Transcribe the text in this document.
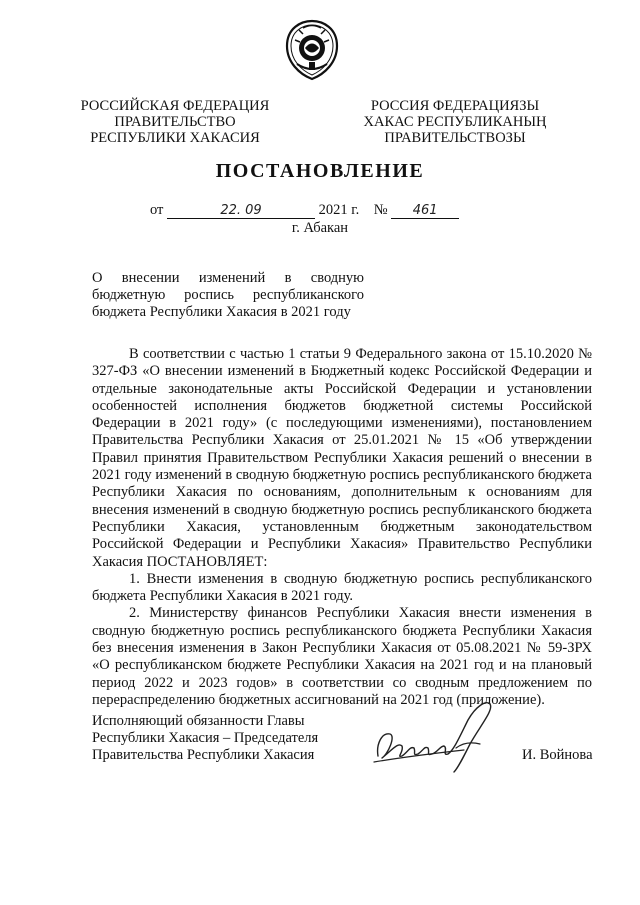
РОССИЙСКАЯ ФЕДЕРАЦИЯ
ПРАВИТЕЛЬСТВО
РЕСПУБЛИКИ ХАКАСИЯ
РОССИЯ ФЕДЕРАЦИЯЗЫ
ХАКАС РЕСПУБЛИКАНЫҢ
ПРАВИТЕЛЬСТВОЗЫ
ПОСТАНОВЛЕНИЕ
от	22. 09	2021 г. № 461
г. Абакан
О внесении изменений в сводную
бюджетную роспись республиканского
бюджета Республики Хакасия в 2021 году

В соответствии с частью 1 статьи 9 Федерального закона от 15.10.2020 № 327-ФЗ «О внесении изменений в Бюджетный кодекс Российской Федерации и отдельные законодательные акты Российской Федерации и установлении особенностей исполнения бюджетов бюджетной системы Российской Федерации в 2021 году» (с последующими изменениями), постановлением Правительства Республики Хакасия от 25.01.2021 № 15 «Об утверждении Правил принятия Правительством Республики Хакасия решений о внесении в 2021 году изменений в сводную бюджетную роспись республиканского бюджета Республики Хакасия по основаниям, дополнительным к основаниям для внесения изменений в сводную бюджетную роспись республиканского бюджета Республики Хакасия, установленным бюджетным законодательством Российской Федерации и Республики Хакасия» Правительство Республики Хакасия ПОСТАНОВЛЯЕТ:

1. Внести изменения в сводную бюджетную роспись республиканского бюджета Республики Хакасия в 2021 году.

2. Министерству финансов Республики Хакасия внести изменения в сводную бюджетную роспись республиканского бюджета Республики Хакасия без внесения изменения в Закон Республики Хакасия от 05.08.2021 № 59-ЗРХ «О республиканском бюджете Республики Хакасия на 2021 год и на плановый период 2022 и 2023 годов» в соответствии со сводным предложением по перераспределению бюджетных ассигнований на 2021 год (приложение).

Исполняющий обязанности Главы
Республики Хакасия – Председателя
Правительства Республики Хакасия	И. Войнова
